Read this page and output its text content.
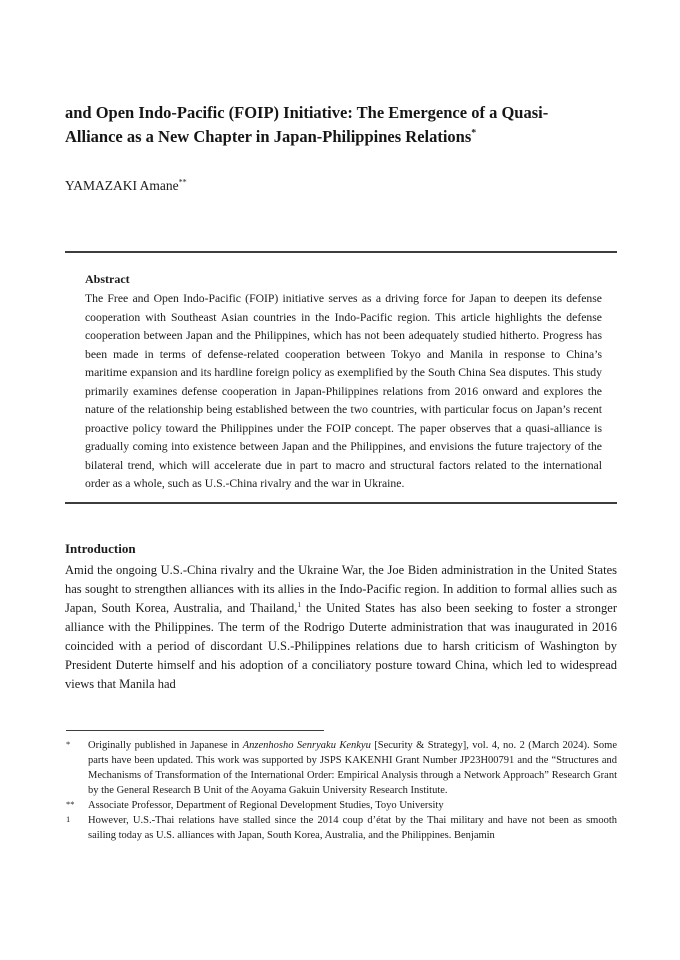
and Open Indo-Pacific (FOIP) Initiative: The Emergence of a Quasi-
Alliance as a New Chapter in Japan-Philippines Relations*

YAMAZAKI Amane**

Abstract

The Free and Open Indo-Pacific (FOIP) initiative serves as a driving force for Japan to deepen its defense cooperation with Southeast Asian countries in the Indo-Pacific region. This article highlights the defense cooperation between Japan and the Philippines, which has not been adequately studied hitherto. Progress has been made in terms of defense-related cooperation between Tokyo and Manila in response to China’s maritime expansion and its hardline foreign policy as exemplified by the South China Sea disputes. This study primarily examines defense cooperation in Japan-Philippines relations from 2016 onward and explores the nature of the relationship being established between the two countries, with particular focus on Japan’s recent proactive policy toward the Philippines under the FOIP concept. The paper observes that a quasi-alliance is gradually coming into existence between Japan and the Philippines, and envisions the future trajectory of the bilateral trend, which will accelerate due in part to macro and structural factors related to the international order as a whole, such as U.S.-China rivalry and the war in Ukraine.

Introduction

Amid the ongoing U.S.-China rivalry and the Ukraine War, the Joe Biden administration in the United States has sought to strengthen alliances with its allies in the Indo-Pacific region. In addition to formal allies such as Japan, South Korea, Australia, and Thailand,$^1$ the United States has also been seeking to foster a stronger alliance with the Philippines. The term of the Rodrigo Duterte administration that was inaugurated in 2016 coincided with a period of discordant U.S.-Philippines relations due to harsh criticism of Washington by President Duterte himself and his adoption of a conciliatory posture toward China, which led to widespread views that Manila had

* Originally published in Japanese in Anzenhosho Senryaku Kenkyu [Security & Strategy], vol. 4, no. 2 (March 2024). Some parts have been updated. This work was supported by JSPS KAKENHI Grant Number JP23H00791 and the “Structures and Mechanisms of Transformation of the International Order: Empirical Analysis through a Network Approach” Research Grant by the General Research B Unit of the Aoyama Gakuin University Research Institute.
** Associate Professor, Department of Regional Development Studies, Toyo University
1 However, U.S.-Thai relations have stalled since the 2014 coup d’état by the Thai military and have not been as smooth sailing today as U.S. alliances with Japan, South Korea, Australia, and the Philippines. Benjamin
